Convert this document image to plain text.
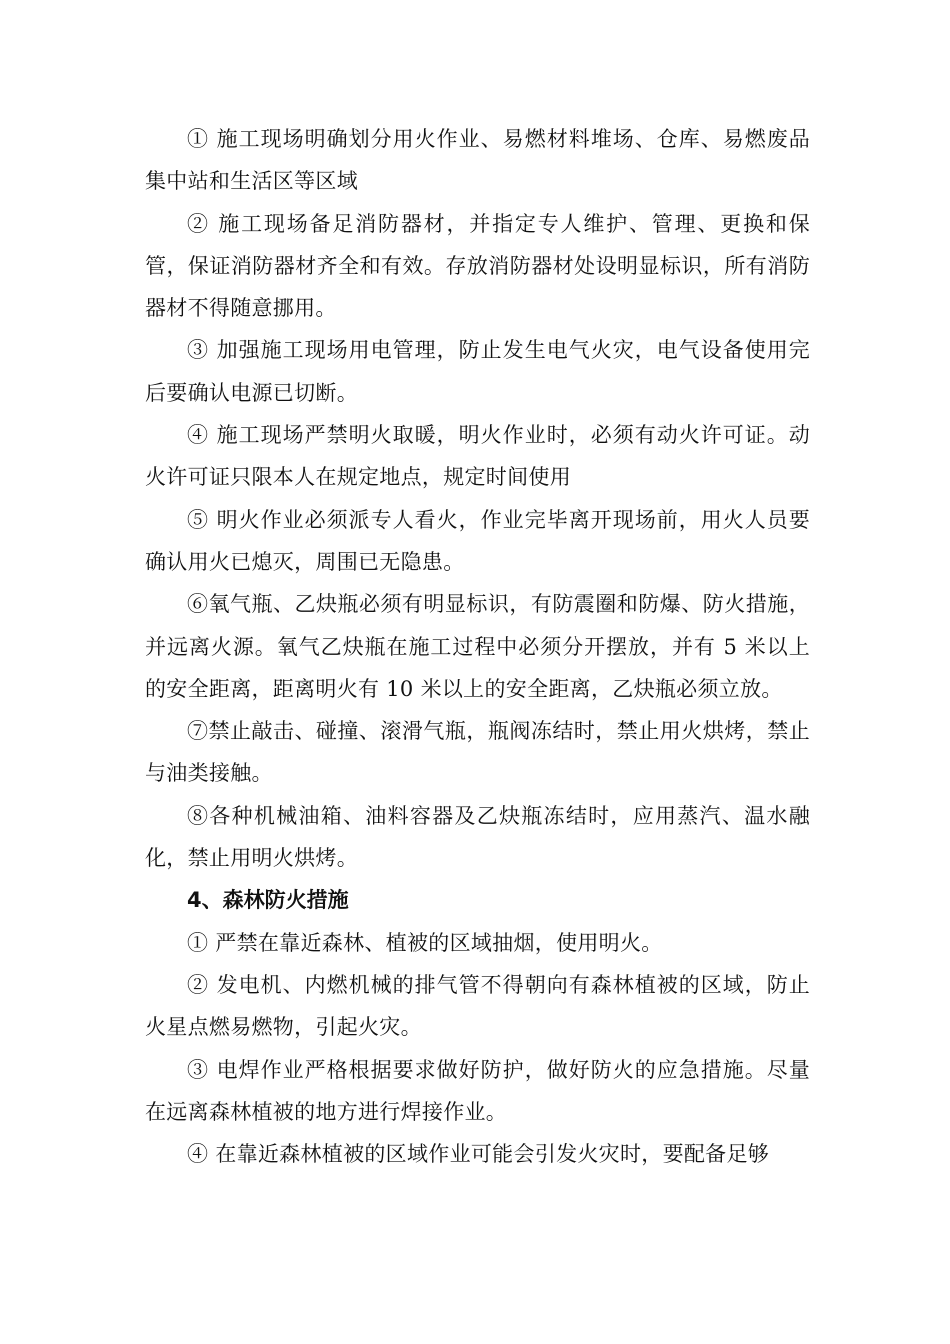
① 施工现场明确划分用火作业、易燃材料堆场、仓库、易燃废品集中站和生活区等区域

② 施工现场备足消防器材，并指定专人维护、管理、更换和保管，保证消防器材齐全和有效。存放消防器材处设明显标识，所有消防器材不得随意挪用。

③ 加强施工现场用电管理，防止发生电气火灾，电气设备使用完后要确认电源已切断。

④ 施工现场严禁明火取暖，明火作业时，必须有动火许可证。动火许可证只限本人在规定地点，规定时间使用

⑤ 明火作业必须派专人看火，作业完毕离开现场前，用火人员要确认用火已熄灭，周围已无隐患。

⑥氧气瓶、乙炔瓶必须有明显标识，有防震圈和防爆、防火措施，并远离火源。氧气乙炔瓶在施工过程中必须分开摆放，并有 5 米以上的安全距离，距离明火有 10 米以上的安全距离，乙炔瓶必须立放。

⑦禁止敲击、碰撞、滚滑气瓶，瓶阀冻结时，禁止用火烘烤，禁止与油类接触。

⑧各种机械油箱、油料容器及乙炔瓶冻结时，应用蒸汽、温水融化，禁止用明火烘烤。

4、森林防火措施

① 严禁在靠近森林、植被的区域抽烟，使用明火。

② 发电机、内燃机械的排气管不得朝向有森林植被的区域，防止火星点燃易燃物，引起火灾。

③ 电焊作业严格根据要求做好防护，做好防火的应急措施。尽量在远离森林植被的地方进行焊接作业。

④ 在靠近森林植被的区域作业可能会引发火灾时，要配备足够
